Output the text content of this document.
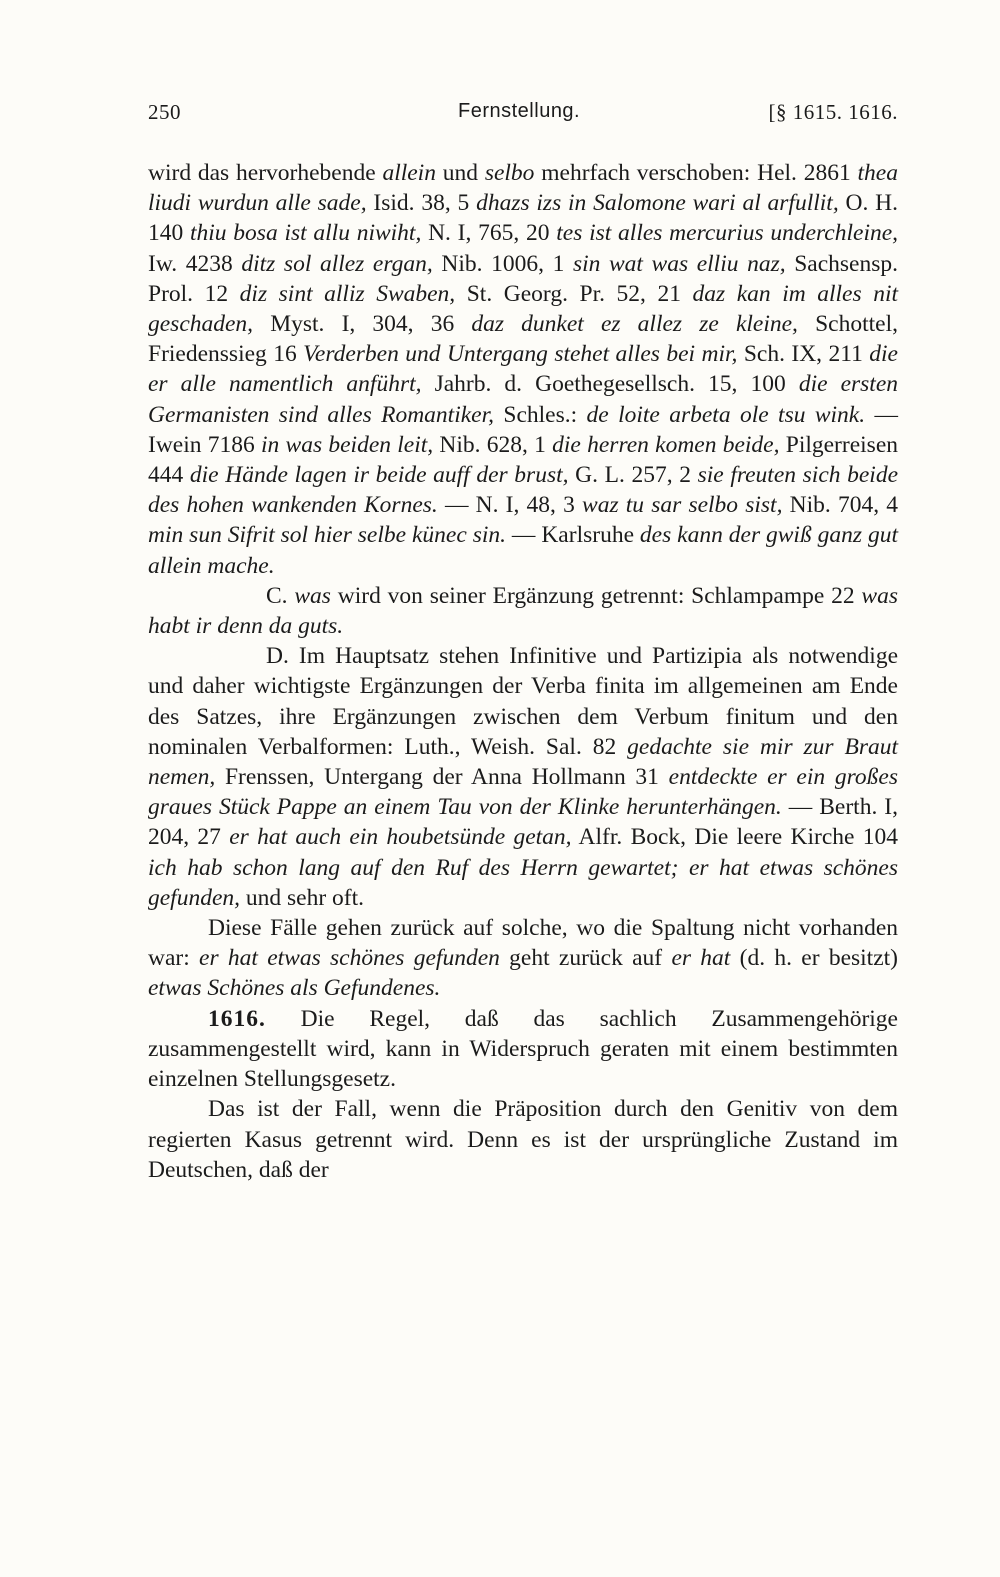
250	Fernstellung.	[§ 1615. 1616.

wird das hervorhebende allein und selbo mehrfach verschoben: Hel. 2861 thea liudi wurdun alle sade, Isid. 38, 5 dhazs izs in Salomone wari al arfullit, O. H. 140 thiu bosa ist allu niwiht, N. I, 765, 20 tes ist alles mercurius underchleine, Iw. 4238 ditz sol allez ergan, Nib. 1006, 1 sin wat was elliu naz, Sachsensp. Prol. 12 diz sint alliz Swaben, St. Georg. Pr. 52, 21 daz kan im alles nit geschaden, Myst. I, 304, 36 daz dunket ez allez ze kleine, Schottel, Friedenssieg 16 Verderben und Untergang stehet alles bei mir, Sch. IX, 211 die er alle namentlich anführt, Jahrb. d. Goethegesellsch. 15, 100 die ersten Germanisten sind alles Romantiker, Schles.: de loite arbeta ole tsu wink. — Iwein 7186 in was beiden leit, Nib. 628, 1 die herren komen beide, Pilgerreisen 444 die Hände lagen ir beide auff der brust, G. L. 257, 2 sie freuten sich beide des hohen wankenden Kornes. — N. I, 48, 3 waz tu sar selbo sist, Nib. 704, 4 min sun Sifrit sol hier selbe künec sin. — Karlsruhe des kann der gwiß ganz gut allein mache.

C. was wird von seiner Ergänzung getrennt: Schlampampe 22 was habt ir denn da guts.

D. Im Hauptsatz stehen Infinitive und Partizipia als notwendige und daher wichtigste Ergänzungen der Verba finita im allgemeinen am Ende des Satzes, ihre Ergänzungen zwischen dem Verbum finitum und den nominalen Verbalformen: Luth., Weish. Sal. 82 gedachte sie mir zur Braut nemen, Frenssen, Untergang der Anna Hollmann 31 entdeckte er ein großes graues Stück Pappe an einem Tau von der Klinke herunterhängen. — Berth. I, 204, 27 er hat auch ein houbetsünde getan, Alfr. Bock, Die leere Kirche 104 ich hab schon lang auf den Ruf des Herrn gewartet; er hat etwas schönes gefunden, und sehr oft.

Diese Fälle gehen zurück auf solche, wo die Spaltung nicht vorhanden war: er hat etwas schönes gefunden geht zurück auf er hat (d. h. er besitzt) etwas Schönes als Gefundenes.

1616. Die Regel, daß das sachlich Zusammengehörige zusammengestellt wird, kann in Widerspruch geraten mit einem bestimmten einzelnen Stellungsgesetz.

Das ist der Fall, wenn die Präposition durch den Genitiv von dem regierten Kasus getrennt wird. Denn es ist der ursprüngliche Zustand im Deutschen, daß der
